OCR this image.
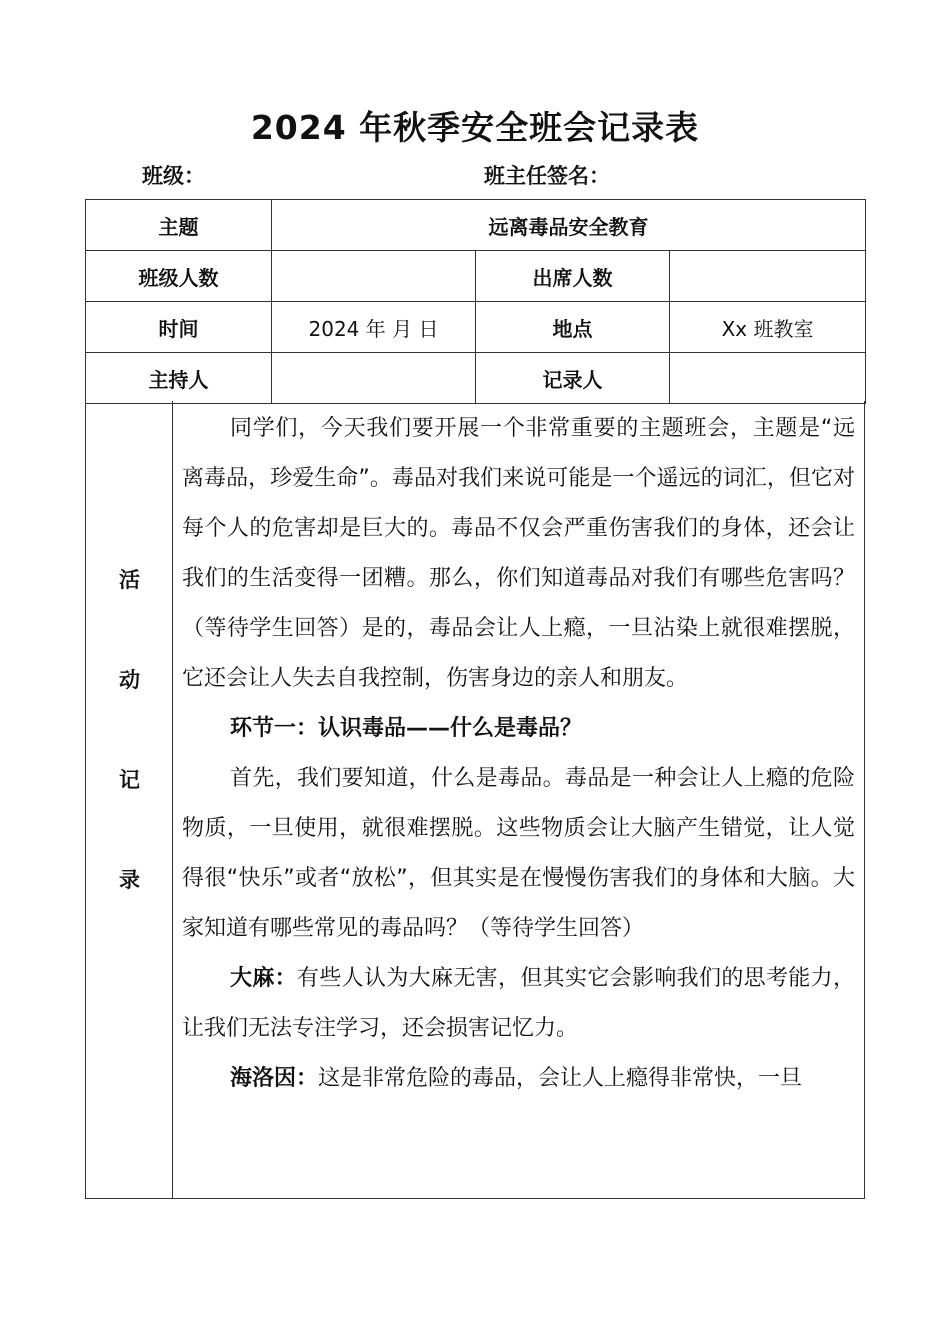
2024 年秋季安全班会记录表
班级：	班主任签名：
主题	远离毒品安全教育		
班级人数		出席人数	
时间	2024 年 月 日	地点	Xx 班教室
主持人		记录人	
活
动
记
录

同学们，今天我们要开展一个非常重要的主题班会，主题是“远离毒品，珍爱生命”。毒品对我们来说可能是一个遥远的词汇，但它对每个人的危害却是巨大的。毒品不仅会严重伤害我们的身体，还会让我们的生活变得一团糟。那么，你们知道毒品对我们有哪些危害吗？（等待学生回答）是的，毒品会让人上瘾，一旦沾染上就很难摆脱，它还会让人失去自我控制，伤害身边的亲人和朋友。

环节一：认识毒品——什么是毒品？

首先，我们要知道，什么是毒品。毒品是一种会让人上瘾的危险物质，一旦使用，就很难摆脱。这些物质会让大脑产生错觉，让人觉得很“快乐”或者“放松”，但其实是在慢慢伤害我们的身体和大脑。大家知道有哪些常见的毒品吗？（等待学生回答）

大麻：有些人认为大麻无害，但其实它会影响我们的思考能力，让我们无法专注学习，还会损害记忆力。

海洛因：这是非常危险的毒品，会让人上瘾得非常快，一旦
